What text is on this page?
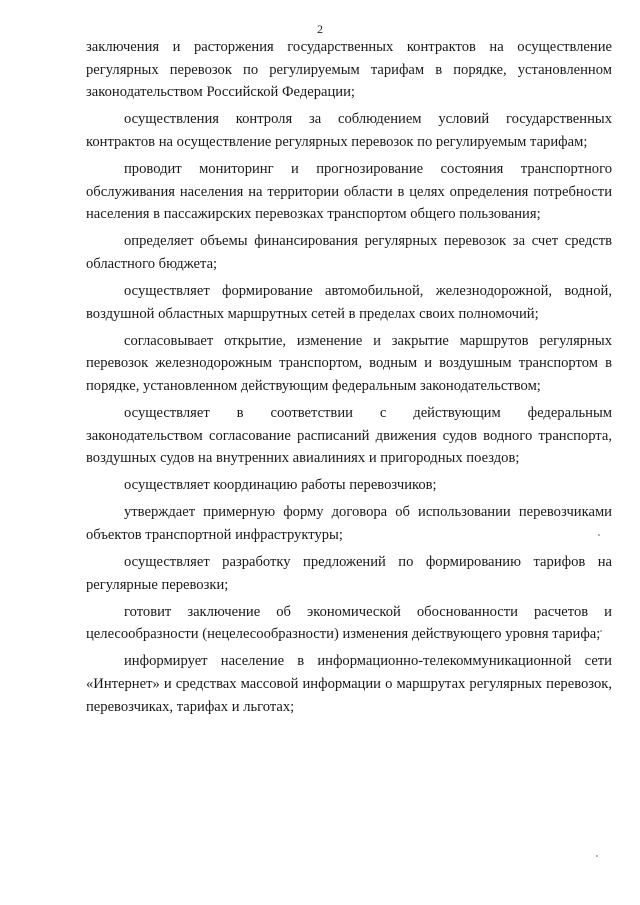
2

заключения и расторжения государственных контрактов на осуществление регулярных перевозок по регулируемым тарифам в порядке, установленном законодательством Российской Федерации;

осуществления контроля за соблюдением условий государственных контрактов на осуществление регулярных перевозок по регулируемым тарифам;

проводит мониторинг и прогнозирование состояния транспортного обслуживания населения на территории области в целях определения потребности населения в пассажирских перевозках транспортом общего пользования;

определяет объемы финансирования регулярных перевозок за счет средств областного бюджета;

осуществляет формирование автомобильной, железнодорожной, водной, воздушной областных маршрутных сетей в пределах своих полномочий;

согласовывает открытие, изменение и закрытие маршрутов регулярных перевозок железнодорожным транспортом, водным и воздушным транспортом в порядке, установленном действующим федеральным законодательством;

осуществляет в соответствии с действующим федеральным законодательством согласование расписаний движения судов водного транспорта, воздушных судов на внутренних авиалиниях и пригородных поездов;

осуществляет координацию работы перевозчиков;

утверждает примерную форму договора об использовании перевозчиками объектов транспортной инфраструктуры;

осуществляет разработку предложений по формированию тарифов на регулярные перевозки;

готовит заключение об экономической обоснованности расчетов и целесообразности (нецелесообразности) изменения действующего уровня тарифа;

информирует население в информационно-телекоммуникационной сети «Интернет» и средствах массовой информации о маршрутах регулярных перевозок, перевозчиках, тарифах и льготах;
